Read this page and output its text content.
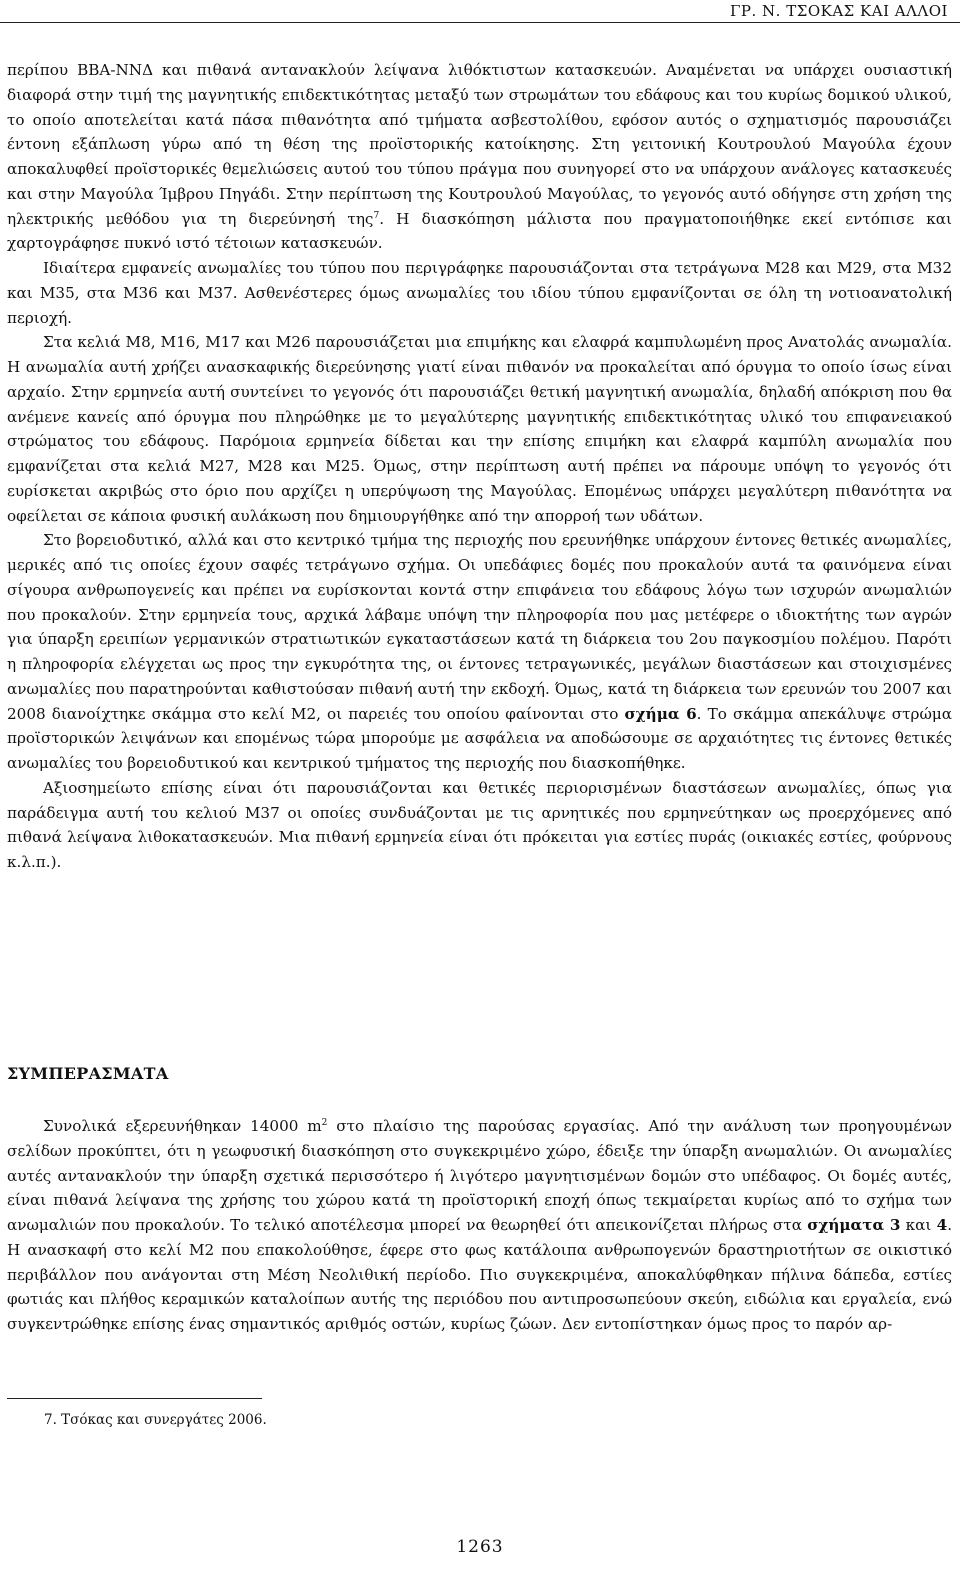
ΓΡ. Ν. ΤΣΟΚΑΣ ΚΑΙ ΑΛΛΟΙ

περίπου BBA-NNΔ και πιθανά αντανακλούν λείψανα λιθόκτιστων κατασκευών. Αναμένεται να υπάρχει ουσιαστική διαφορά στην τιμή της μαγνητικής επιδεκτικότητας μεταξύ των στρωμάτων του εδάφους και του κυρίως δομικού υλικού, το οποίο αποτελείται κατά πάσα πιθανότητα από τμήματα ασβεστολίθου, εφόσον αυτός ο σχηματισμός παρουσιάζει έντονη εξάπλωση γύρω από τη θέση της προϊστορικής κατοίκησης. Στη γειτονική Κουτρουλού Μαγούλα έχουν αποκαλυφθεί προϊστορικές θεμελιώσεις αυτού του τύπου πράγμα που συνηγορεί στο να υπάρχουν ανάλογες κατασκευές και στην Μαγούλα Ίμβρου Πηγάδι. Στην περίπτωση της Κουτρουλού Μαγούλας, το γεγονός αυτό οδήγησε στη χρήση της ηλεκτρικής μεθόδου για τη διερεύνησή της$^7$. Η διασκόπηση μάλιστα που πραγματοποιήθηκε εκεί εντόπισε και χαρτογράφησε πυκνό ιστό τέτοιων κατασκευών.

Ιδιαίτερα εμφανείς ανωμαλίες του τύπου που περιγράφηκε παρουσιάζονται στα τετράγωνα Μ28 και Μ29, στα Μ32 και Μ35, στα Μ36 και Μ37. Ασθενέστερες όμως ανωμαλίες του ιδίου τύπου εμφανίζονται σε όλη τη νοτιοανατολική περιοχή.

Στα κελιά Μ8, Μ16, Μ17 και Μ26 παρουσιάζεται μια επιμήκης και ελαφρά καμπυλωμένη προς Ανατολάς ανωμαλία. Η ανωμαλία αυτή χρήζει ανασκαφικής διερεύνησης γιατί είναι πιθανόν να προκαλείται από όρυγμα το οποίο ίσως είναι αρχαίο. Στην ερμηνεία αυτή συντείνει το γεγονός ότι παρουσιάζει θετική μαγνητική ανωμαλία, δηλαδή απόκριση που θα ανέμενε κανείς από όρυγμα που πληρώθηκε με το μεγαλύτερης μαγνητικής επιδεκτικότητας υλικό του επιφανειακού στρώματος του εδάφους. Παρόμοια ερμηνεία δίδεται και την επίσης επιμήκη και ελαφρά καμπύλη ανωμαλία που εμφανίζεται στα κελιά Μ27, Μ28 και Μ25. Όμως, στην περίπτωση αυτή πρέπει να πάρουμε υπόψη το γεγονός ότι ευρίσκεται ακριβώς στο όριο που αρχίζει η υπερύψωση της Μαγούλας. Επομένως υπάρχει μεγαλύτερη πιθανότητα να οφείλεται σε κάποια φυσική αυλάκωση που δημιουργήθηκε από την απορροή των υδάτων.

Στο βορειοδυτικό, αλλά και στο κεντρικό τμήμα της περιοχής που ερευνήθηκε υπάρχουν έντονες θετικές ανωμαλίες, μερικές από τις οποίες έχουν σαφές τετράγωνο σχήμα. Οι υπεδάφιες δομές που προκαλούν αυτά τα φαινόμενα είναι σίγουρα ανθρωπογενείς και πρέπει να ευρίσκονται κοντά στην επιφάνεια του εδάφους λόγω των ισχυρών ανωμαλιών που προκαλούν. Στην ερμηνεία τους, αρχικά λάβαμε υπόψη την πληροφορία που μας μετέφερε ο ιδιοκτήτης των αγρών για ύπαρξη ερειπίων γερμανικών στρατιωτικών εγκαταστάσεων κατά τη διάρκεια του 2ου παγκοσμίου πολέμου. Παρότι η πληροφορία ελέγχεται ως προς την εγκυρότητα της, οι έντονες τετραγωνικές, μεγάλων διαστάσεων και στοιχισμένες ανωμαλίες που παρατηρούνται καθιστούσαν πιθανή αυτή την εκδοχή. Όμως, κατά τη διάρκεια των ερευνών του 2007 και 2008 διανοίχτηκε σκάμμα στο κελί Μ2, οι παρειές του οποίου φαίνονται στο σχήμα 6. Το σκάμμα απεκάλυψε στρώμα προϊστορικών λειψάνων και επομένως τώρα μπορούμε με ασφάλεια να αποδώσουμε σε αρχαιότητες τις έντονες θετικές ανωμαλίες του βορειοδυτικού και κεντρικού τμήματος της περιοχής που διασκοπήθηκε.

Αξιοσημείωτο επίσης είναι ότι παρουσιάζονται και θετικές περιορισμένων διαστάσεων ανωμαλίες, όπως για παράδειγμα αυτή του κελιού Μ37 οι οποίες συνδυάζονται με τις αρνητικές που ερμηνεύτηκαν ως προερχόμενες από πιθανά λείψανα λιθοκατασκευών. Μια πιθανή ερμηνεία είναι ότι πρόκειται για εστίες πυράς (οικιακές εστίες, φούρνους κ.λ.π.).

ΣΥΜΠΕΡΑΣΜΑΤΑ

Συνολικά εξερευνήθηκαν 14000 $m^2$ στο πλαίσιο της παρούσας εργασίας. Από την ανάλυση των προηγουμένων σελίδων προκύπτει, ότι η γεωφυσική διασκόπηση στο συγκεκριμένο χώρο, έδειξε την ύπαρξη ανωμαλιών. Οι ανωμαλίες αυτές αντανακλούν την ύπαρξη σχετικά περισσότερο ή λιγότερο μαγνητισμένων δομών στο υπέδαφος. Οι δομές αυτές, είναι πιθανά λείψανα της χρήσης του χώρου κατά τη προϊστορική εποχή όπως τεκμαίρεται κυρίως από το σχήμα των ανωμαλιών που προκαλούν. Το τελικό αποτέλεσμα μπορεί να θεωρηθεί ότι απεικονίζεται πλήρως στα σχήματα 3 και 4. Η ανασκαφή στο κελί Μ2 που επακολούθησε, έφερε στο φως κατάλοιπα ανθρωπογενών δραστηριοτήτων σε οικιστικό περιβάλλον που ανάγονται στη Μέση Νεολιθική περίοδο. Πιο συγκεκριμένα, αποκαλύφθηκαν πήλινα δάπεδα, εστίες φωτιάς και πλήθος κεραμικών καταλοίπων αυτής της περιόδου που αντιπροσωπεύουν σκεύη, ειδώλια και εργαλεία, ενώ συγκεντρώθηκε επίσης ένας σημαντικός αριθμός οστών, κυρίως ζώων. Δεν εντοπίστηκαν όμως προς το παρόν αρ-

7. Τσόκας και συνεργάτες 2006.
1263
